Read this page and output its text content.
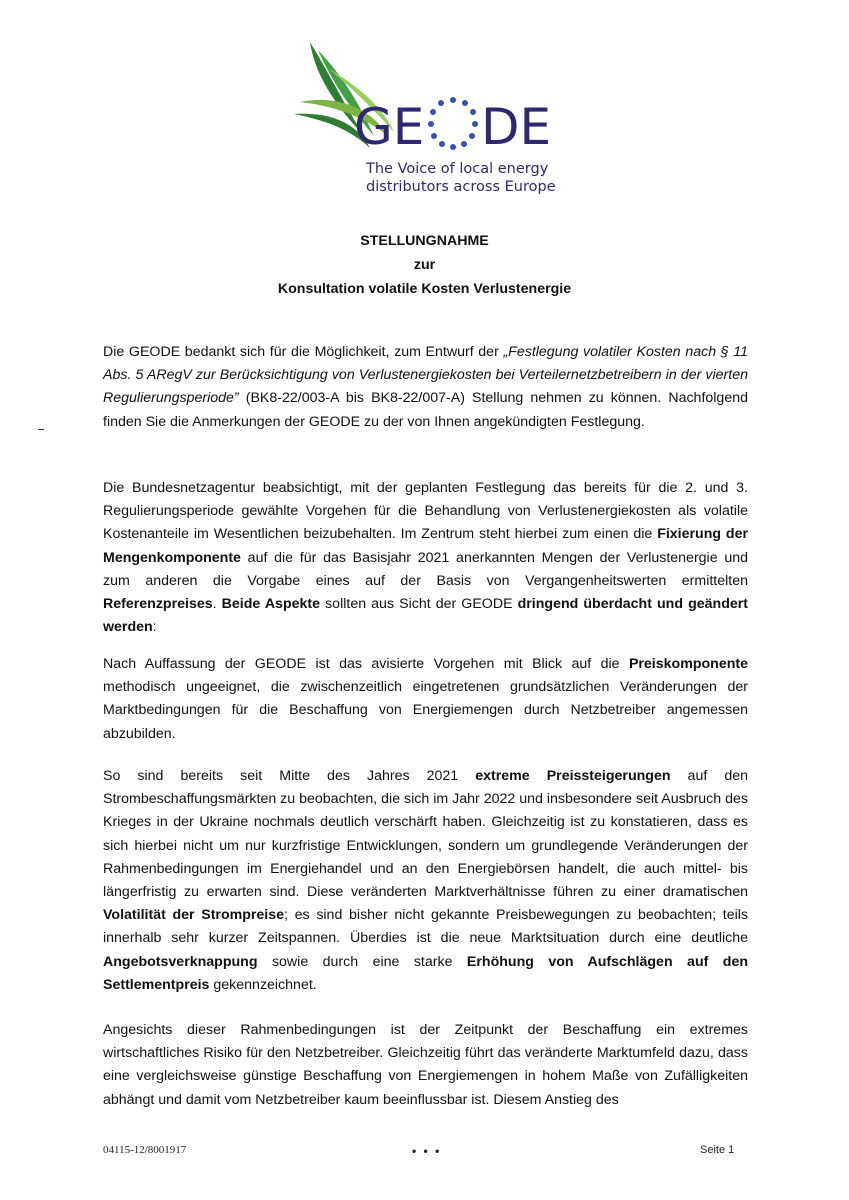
GE DE
The Voice of local energy
distributors across Europe
STELLUNGNAHME
zur
Konsultation volatile Kosten Verlustenergie

Die GEODE bedankt sich für die Möglichkeit, zum Entwurf der „Festlegung volatiler Kosten nach § 11 Abs. 5 ARegV zur Berücksichtigung von Verlustenergiekosten bei Verteilernetzbetreibern in der vierten Regulierungsperiode” (BK8-22/003-A bis BK8-22/007-A) Stellung nehmen zu können. Nachfolgend finden Sie die Anmerkungen der GEODE zu der von Ihnen angekündigten Festlegung.

Die Bundesnetzagentur beabsichtigt, mit der geplanten Festlegung das bereits für die 2. und 3. Regulierungsperiode gewählte Vorgehen für die Behandlung von Verlustenergiekosten als volatile Kostenanteile im Wesentlichen beizubehalten. Im Zentrum steht hierbei zum einen die Fixierung der Mengenkomponente auf die für das Basisjahr 2021 anerkannten Mengen der Verlustenergie und zum anderen die Vorgabe eines auf der Basis von Vergangenheitswerten ermittelten Referenzpreises. Beide Aspekte sollten aus Sicht der GEODE dringend überdacht und geändert werden:

Nach Auffassung der GEODE ist das avisierte Vorgehen mit Blick auf die Preiskomponente methodisch ungeeignet, die zwischenzeitlich eingetretenen grundsätzlichen Veränderungen der Marktbedingungen für die Beschaffung von Energiemengen durch Netzbetreiber angemessen abzubilden.

So sind bereits seit Mitte des Jahres 2021 extreme Preissteigerungen auf den Strombeschaffungsmärkten zu beobachten, die sich im Jahr 2022 und insbesondere seit Ausbruch des Krieges in der Ukraine nochmals deutlich verschärft haben. Gleichzeitig ist zu konstatieren, dass es sich hierbei nicht um nur kurzfristige Entwicklungen, sondern um grundlegende Veränderungen der Rahmenbedingungen im Energiehandel und an den Energiebörsen handelt, die auch mittel- bis längerfristig zu erwarten sind. Diese veränderten Marktverhältnisse führen zu einer dramatischen Volatilität der Strompreise; es sind bisher nicht gekannte Preisbewegungen zu beobachten; teils innerhalb sehr kurzer Zeitspannen. Überdies ist die neue Marktsituation durch eine deutliche Angebotsverknappung sowie durch eine starke Erhöhung von Aufschlägen auf den Settlementpreis gekennzeichnet.

Angesichts dieser Rahmenbedingungen ist der Zeitpunkt der Beschaffung ein extremes wirtschaftliches Risiko für den Netzbetreiber. Gleichzeitig führt das veränderte Marktumfeld dazu, dass eine vergleichsweise günstige Beschaffung von Energiemengen in hohem Maße von Zufälligkeiten abhängt und damit vom Netzbetreiber kaum beeinflussbar ist. Diesem Anstieg des

04115-12/8001917	• • •	Seite 1
